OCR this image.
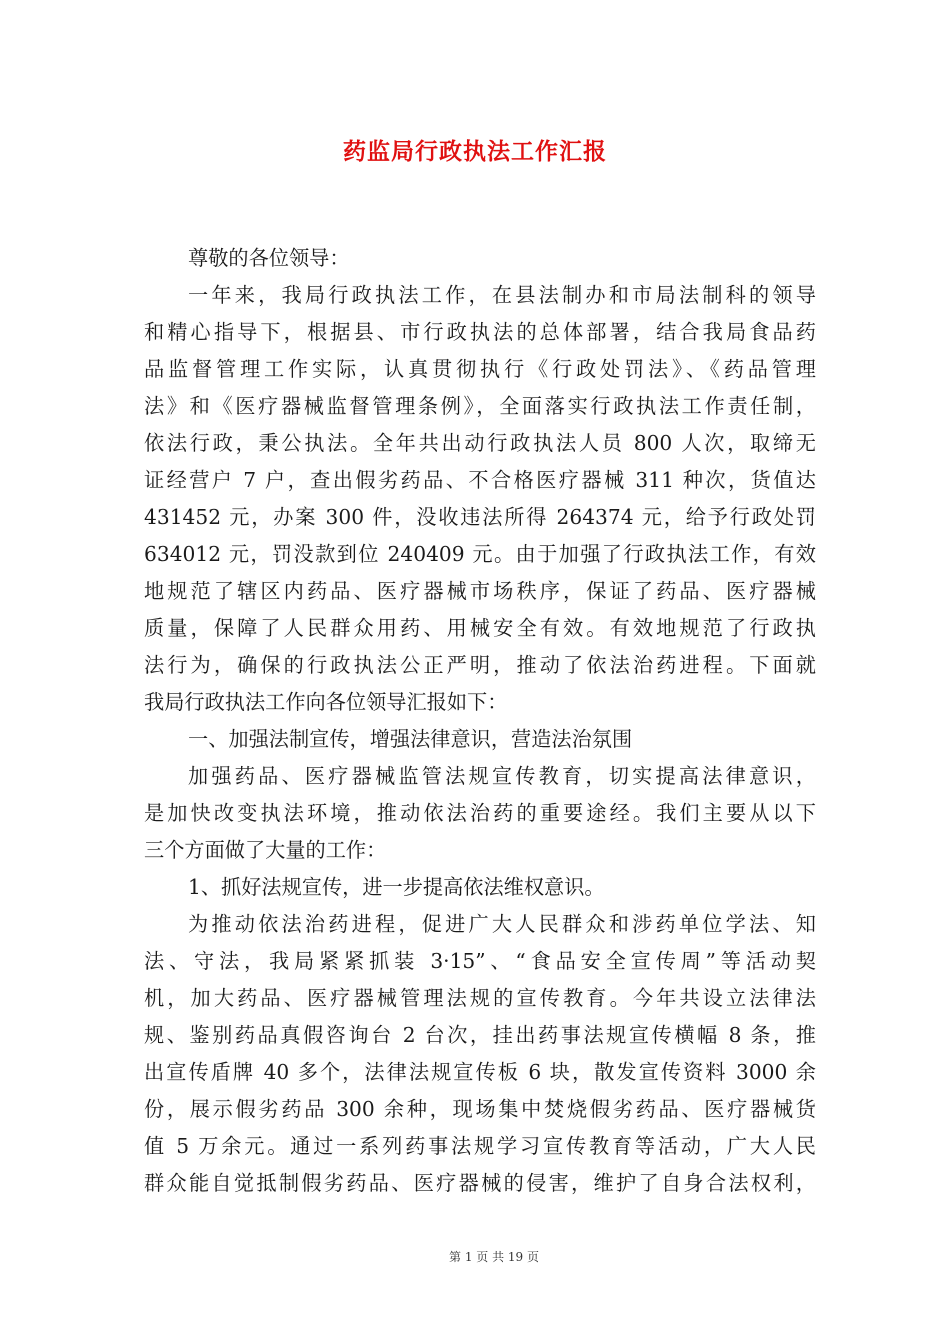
药监局行政执法工作汇报
尊敬的各位领导：
一年来，我局行政执法工作，在县法制办和市局法制科的领导
和精心指导下，根据县、市行政执法的总体部署，结合我局食品药
品监督管理工作实际，认真贯彻执行《行政处罚法》、《药品管理
法》和《医疗器械监督管理条例》，全面落实行政执法工作责任制，
依法行政，秉公执法。全年共出动行政执法人员 800 人次，取缔无
证经营户 7 户，查出假劣药品、不合格医疗器械 311 种次，货值达
431452 元，办案 300 件，没收违法所得 264374 元，给予行政处罚
634012 元，罚没款到位 240409 元。由于加强了行政执法工作，有效
地规范了辖区内药品、医疗器械市场秩序，保证了药品、医疗器械
质量，保障了人民群众用药、用械安全有效。有效地规范了行政执
法行为，确保的行政执法公正严明，推动了依法治药进程。下面就
我局行政执法工作向各位领导汇报如下：
一、加强法制宣传，增强法律意识，营造法治氛围
加强药品、医疗器械监管法规宣传教育，切实提高法律意识，
是加快改变执法环境，推动依法治药的重要途经。我们主要从以下
三个方面做了大量的工作：
1、抓好法规宣传，进一步提高依法维权意识。
为推动依法治药进程，促进广大人民群众和涉药单位学法、知
法、守法，我局紧紧抓装 3·15”、“食品安全宣传周”等活动契
机，加大药品、医疗器械管理法规的宣传教育。今年共设立法律法
规、鉴别药品真假咨询台 2 台次，挂出药事法规宣传横幅 8 条，推
出宣传盾牌 40 多个，法律法规宣传板 6 块，散发宣传资料 3000 余
份，展示假劣药品 300 余种，现场集中焚烧假劣药品、医疗器械货
值 5 万余元。通过一系列药事法规学习宣传教育等活动，广大人民
群众能自觉抵制假劣药品、医疗器械的侵害，维护了自身合法权利，
第 1 页 共 19 页
